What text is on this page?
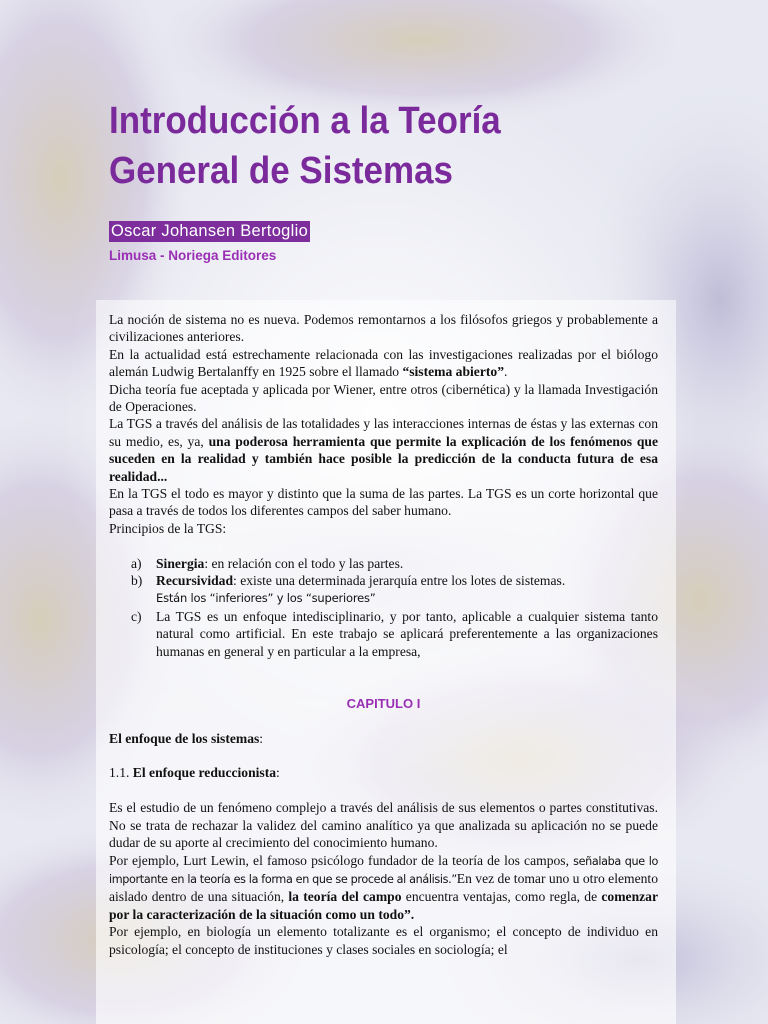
Introducción a la Teoría General de Sistemas
Oscar Johansen Bertoglio

Limusa - Noriega Editores

La noción de sistema no es nueva. Podemos remontarnos a los filósofos griegos y probablemente a civilizaciones anteriores.

En la actualidad está estrechamente relacionada con las investigaciones realizadas por el biólogo alemán Ludwig Bertalanffy en 1925 sobre el llamado “sistema abierto”.

Dicha teoría fue aceptada y aplicada por Wiener, entre otros (cibernética) y la llamada Investigación de Operaciones.

La TGS a través del análisis de las totalidades y las interacciones internas de éstas y las externas con su medio, es, ya, una poderosa herramienta que permite la explicación de los fenómenos que suceden en la realidad y también hace posible la predicción de la conducta futura de esa realidad...

En la TGS el todo es mayor y distinto que la suma de las partes. La TGS es un corte horizontal que pasa a través de todos los diferentes campos del saber humano.

Principios de la TGS:

a) Sinergia: en relación con el todo y las partes.
b) Recursividad: existe una determinada jerarquía entre los lotes de sistemas.
Están los “inferiores” y los “superiores”
c) La TGS es un enfoque intedisciplinario, y por tanto, aplicable a cualquier sistema tanto natural como artificial. En este trabajo se aplicará preferentemente a las organizaciones humanas en general y en particular a la empresa,
CAPITULO I

El enfoque de los sistemas:

1.1. El enfoque reduccionista:

Es el estudio de un fenómeno complejo a través del análisis de sus elementos o partes constitutivas. No se trata de rechazar la validez del camino analítico ya que analizada su aplicación no se puede dudar de su aporte al crecimiento del conocimiento humano.

Por ejemplo, Lurt Lewin, el famoso psicólogo fundador de la teoría de los campos, señalaba que lo importante en la teoría es la forma en que se procede al análisis.”En vez de tomar uno u otro elemento aislado dentro de una situación, la teoría del campo encuentra ventajas, como regla, de comenzar por la caracterización de la situación como un todo”.

Por ejemplo, en biología un elemento totalizante es el organismo; el concepto de individuo en psicología; el concepto de instituciones y clases sociales en sociología; el
